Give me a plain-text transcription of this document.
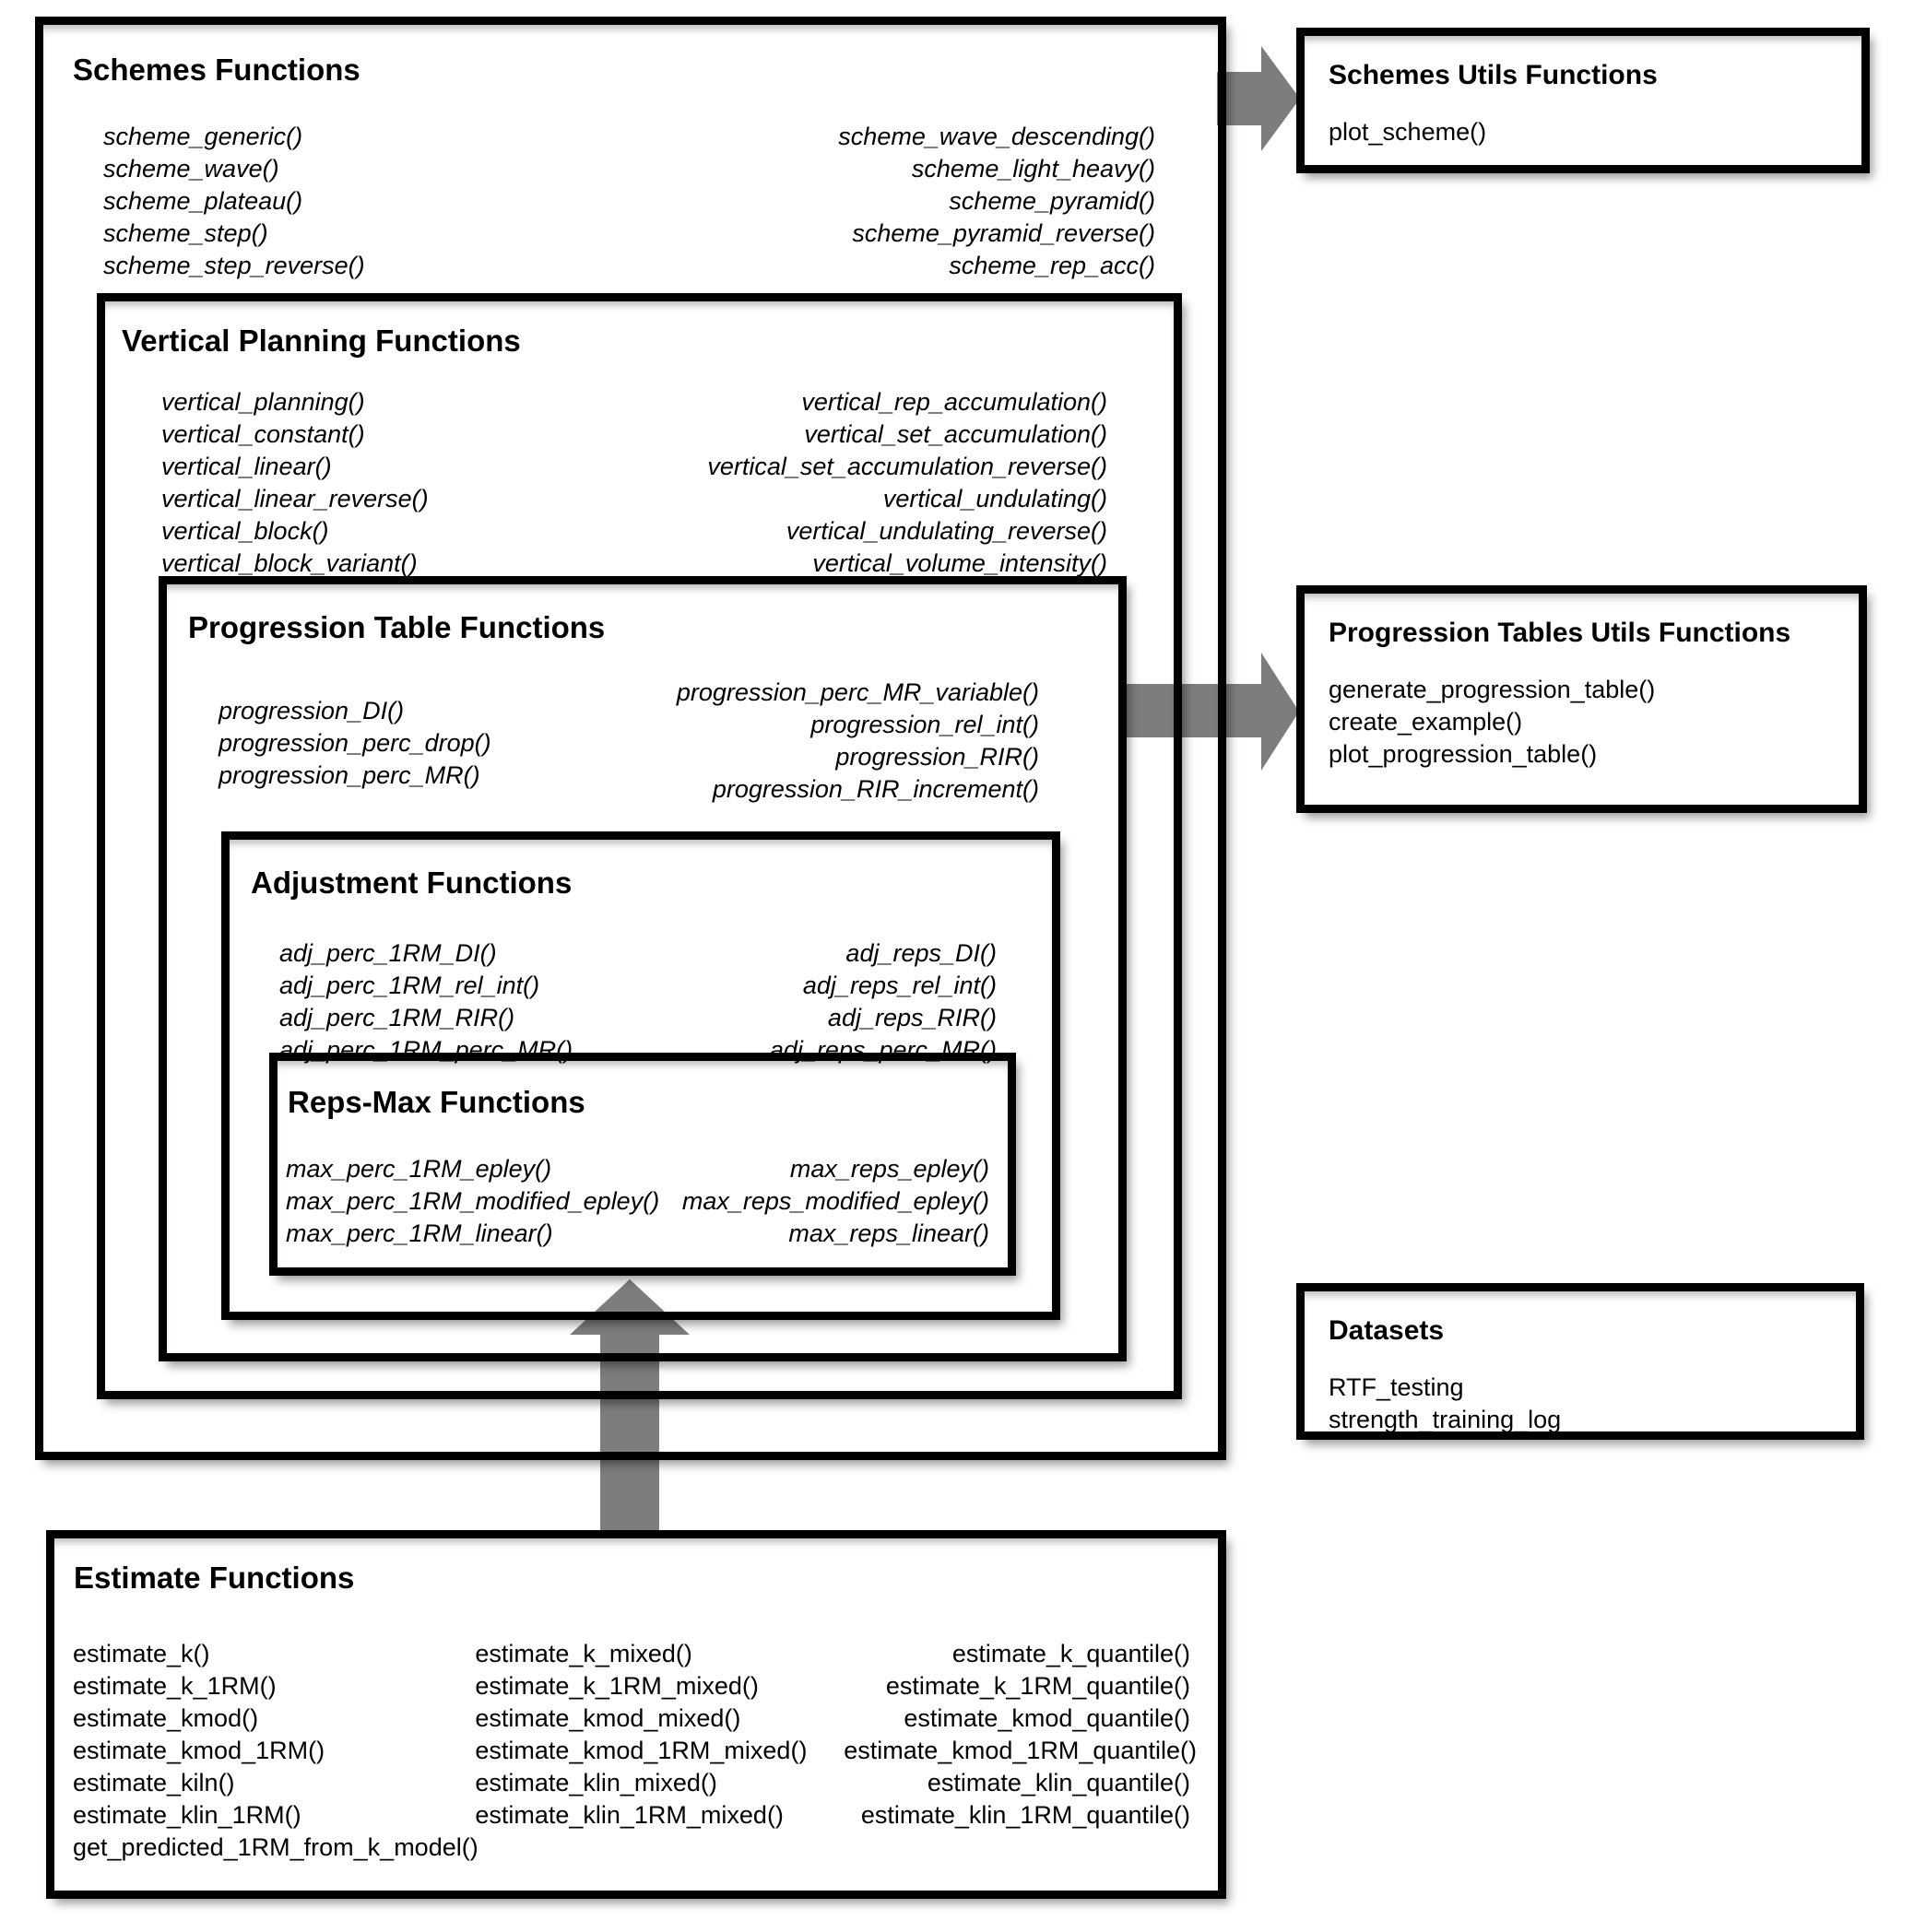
Schemes Functions
scheme_generic()
scheme_wave()
scheme_plateau()
scheme_step()
scheme_step_reverse()
scheme_wave_descending()
scheme_light_heavy()
scheme_pyramid()
scheme_pyramid_reverse()
scheme_rep_acc()
Vertical Planning Functions
vertical_planning()
vertical_constant()
vertical_linear()
vertical_linear_reverse()
vertical_block()
vertical_block_variant()
vertical_rep_accumulation()
vertical_set_accumulation()
vertical_set_accumulation_reverse()
vertical_undulating()
vertical_undulating_reverse()
vertical_volume_intensity()
Progression Table Functions
progression_DI()
progression_perc_drop()
progression_perc_MR()
progression_perc_MR_variable()
progression_rel_int()
progression_RIR()
progression_RIR_increment()
Adjustment Functions
adj_perc_1RM_DI()
adj_perc_1RM_rel_int()
adj_perc_1RM_RIR()
adj_perc_1RM_perc_MR()
adj_reps_DI()
adj_reps_rel_int()
adj_reps_RIR()
adj_reps_perc_MR()
Reps-Max Functions
max_perc_1RM_epley()
max_perc_1RM_modified_epley()
max_perc_1RM_linear()
max_reps_epley()
max_reps_modified_epley()
max_reps_linear()
Schemes Utils Functions
plot_scheme()
Progression Tables Utils Functions
generate_progression_table()
create_example()
plot_progression_table()
Datasets
RTF_testing
strength_training_log
Estimate Functions
estimate_k()
estimate_k_1RM()
estimate_kmod()
estimate_kmod_1RM()
estimate_kiln()
estimate_klin_1RM()
get_predicted_1RM_from_k_model()
estimate_k_mixed()
estimate_k_1RM_mixed()
estimate_kmod_mixed()
estimate_kmod_1RM_mixed()
estimate_klin_mixed()
estimate_klin_1RM_mixed()
estimate_k_quantile()
estimate_k_1RM_quantile()
estimate_kmod_quantile()
estimate_kmod_1RM_quantile()
estimate_klin_quantile()
estimate_klin_1RM_quantile()
